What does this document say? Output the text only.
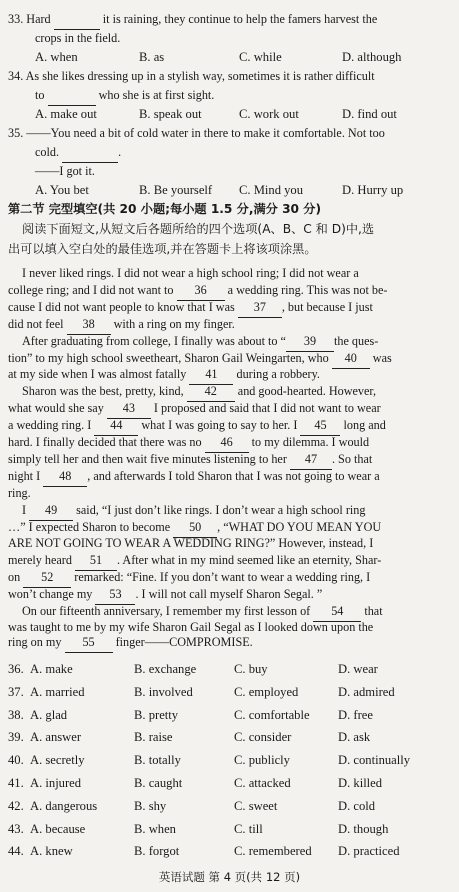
33. Hard	it is raining, they continue to help the famers harvest the
crops in the field.
A. when	B. as	C. while	D. although
34. As she likes dressing up in a stylish way, sometimes it is rather difficult
to	who she is at first sight.
A. make out	B. speak out	C. work out	D. find out
35. ——You need a bit of cold water in there to make it comfortable. Not too
cold.	.
——I got it.
A. You bet	B. Be yourself	C. Mind you	D. Hurry up
第二节 完型填空(共 20 小题;每小题 1.5 分,满分 30 分)
阅读下面短文,从短文后各题所给的四个选项(A、B、C 和 D)中,选
出可以填入空白处的最佳选项,并在答题卡上将该项涂黑。
I never liked rings. I did not wear a high school ring; I did not wear a
college ring; and I did not want to 36 a wedding ring. This was not be-
cause I did not want people to know that I was 37 , but because I just
did not feel 38 with a ring on my finger.
After graduating from college, I finally was about to “ 39 the ques-
tion” to my high school sweetheart, Sharon Gail Weingarten, who 40 was
at my side when I was almost fatally 41 during a robbery.
Sharon was the best, pretty, kind, 42 and good-hearted. However,
what would she say 43 I proposed and said that I did not want to wear
a wedding ring. I 44 what I was going to say to her. I 45 long and
hard. I finally decided that there was no 46 to my dilemma. I would
simply tell her and then wait five minutes listening to her 47 . So that
night I 48 , and afterwards I told Sharon that I was not going to wear a
ring.
I 49 said, “I just don’t like rings. I don’t wear a high school ring
…” I expected Sharon to become 50 , “WHAT DO YOU MEAN YOU
ARE NOT GOING TO WEAR A WEDDING RING?” However, instead, I
merely heard 51 . After what in my mind seemed like an eternity, Shar-
on 52 remarked: “Fine. If you don’t want to wear a wedding ring, I
won’t change my 53 . I will not call myself Sharon Segal. ”
On our fifteenth anniversary, I remember my first lesson of 54 that
was taught to me by my wife Sharon Gail Segal as I looked down upon the
ring on my 55 finger——COMPROMISE.
36. A. make	B. exchange	C. buy	D. wear
37. A. married	B. involved	C. employed	D. admired
38. A. glad	B. pretty	C. comfortable	D. free
39. A. answer	B. raise	C. consider	D. ask
40. A. secretly	B. totally	C. publicly	D. continually
41. A. injured	B. caught	C. attacked	D. killed
42. A. dangerous	B. shy	C. sweet	D. cold
43. A. because	B. when	C. till	D. though
44. A. knew	B. forgot	C. remembered	D. practiced
英语试题 第 4 页(共 12 页)
